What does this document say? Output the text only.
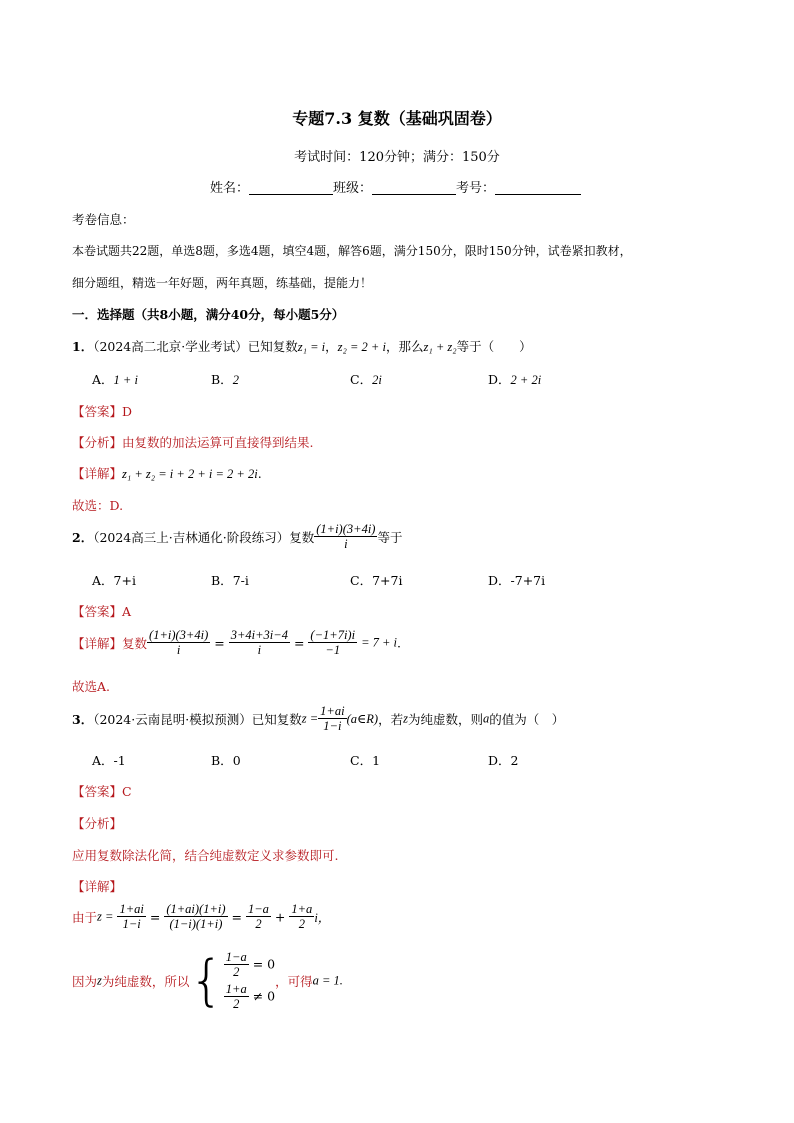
专题7.3 复数（基础巩固卷）
考试时间：120分钟；满分：150分
姓名：	班级：	考号：
考卷信息：
本卷试题共22题，单选8题，多选4题，填空4题，解答6题，满分150分，限时150分钟，试卷紧扣教材，
细分题组，精选一年好题，两年真题，练基础，提能力！
一．选择题（共8小题，满分40分，每小题5分）
1．（2024高二北京·学业考试）已知复数z₁ = i，z₂ = 2 + i，那么z₁ + z₂等于（　　）
A．1 + i	B．2	C．2i	D．2 + 2i
【答案】D
【分析】由复数的加法运算可直接得到结果.
【详解】z₁ + z₂ = i + 2 + i = 2 + 2i.
故选：D.
2．（2024高三上·吉林通化·阶段练习）复数 $\frac{(1+i)(3+4i)}{i}$ 等于
A．7+i	B．7-i	C．7+7i	D．-7+7i
【答案】A
【详解】复数 $\frac{(1+i)(3+4i)}{i} = \frac{3+4i+3i-4}{i} = \frac{(-1+7i)i}{-1} = 7 + i$.
故选A.
3．（2024·云南昆明·模拟预测）已知复数$z = \frac{1+ai}{1-i}$ (a∈R)，若z为纯虚数，则a的值为（　）
A．-1	B．0	C．1	D．2
【答案】C
【分析】
应用复数除法化简，结合纯虚数定义求参数即可.
【详解】
由于$z = \frac{1+ai}{1-i} = \frac{(1+ai)(1+i)}{(1-i)(1+i)} = \frac{1-a}{2} + \frac{1+a}{2}$ i，
因为z为纯虚数，所以{ $\frac{1-a}{2} = 0$
$\frac{1+a}{2} \ne 0$
，可得a = 1.
